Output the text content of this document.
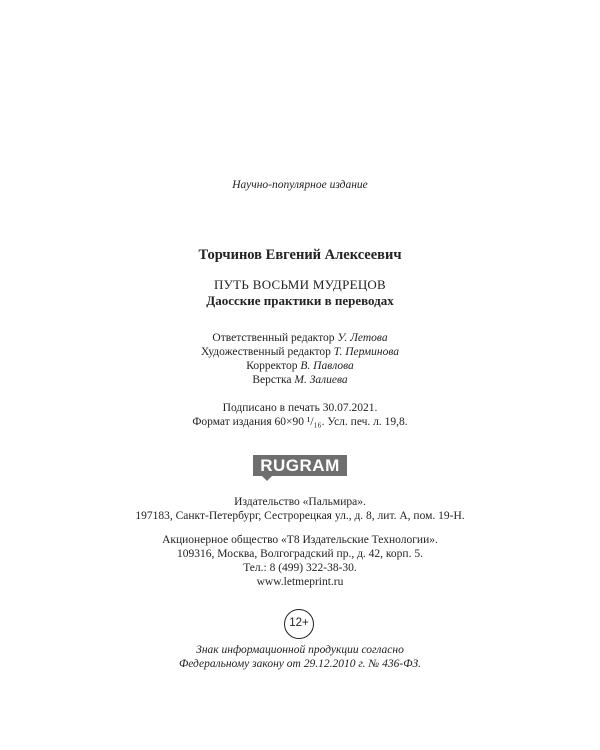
Научно-популярное издание
Торчинов Евгений Алексеевич
ПУТЬ ВОСЬМИ МУДРЕЦОВ
Даосские практики в переводах
Ответственный редактор У. Летова
Художественный редактор Т. Перминова
Корректор В. Павлова
Верстка М. Залиева
Подписано в печать 30.07.2021.
Формат издания 60×90 ¹/₁₆. Усл. печ. л. 19,8.
RUGRAM
Издательство «Пальмира».
197183, Санкт-Петербург, Сестрорецкая ул., д. 8, лит. А, пом. 19-Н.
Акционерное общество «Т8 Издательские Технологии».
109316, Москва, Волгоградский пр., д. 42, корп. 5.
Тел.: 8 (499) 322-38-30.
www.letmeprint.ru
12+
Знак информационной продукции согласно
Федеральному закону от 29.12.2010 г. № 436-ФЗ.
